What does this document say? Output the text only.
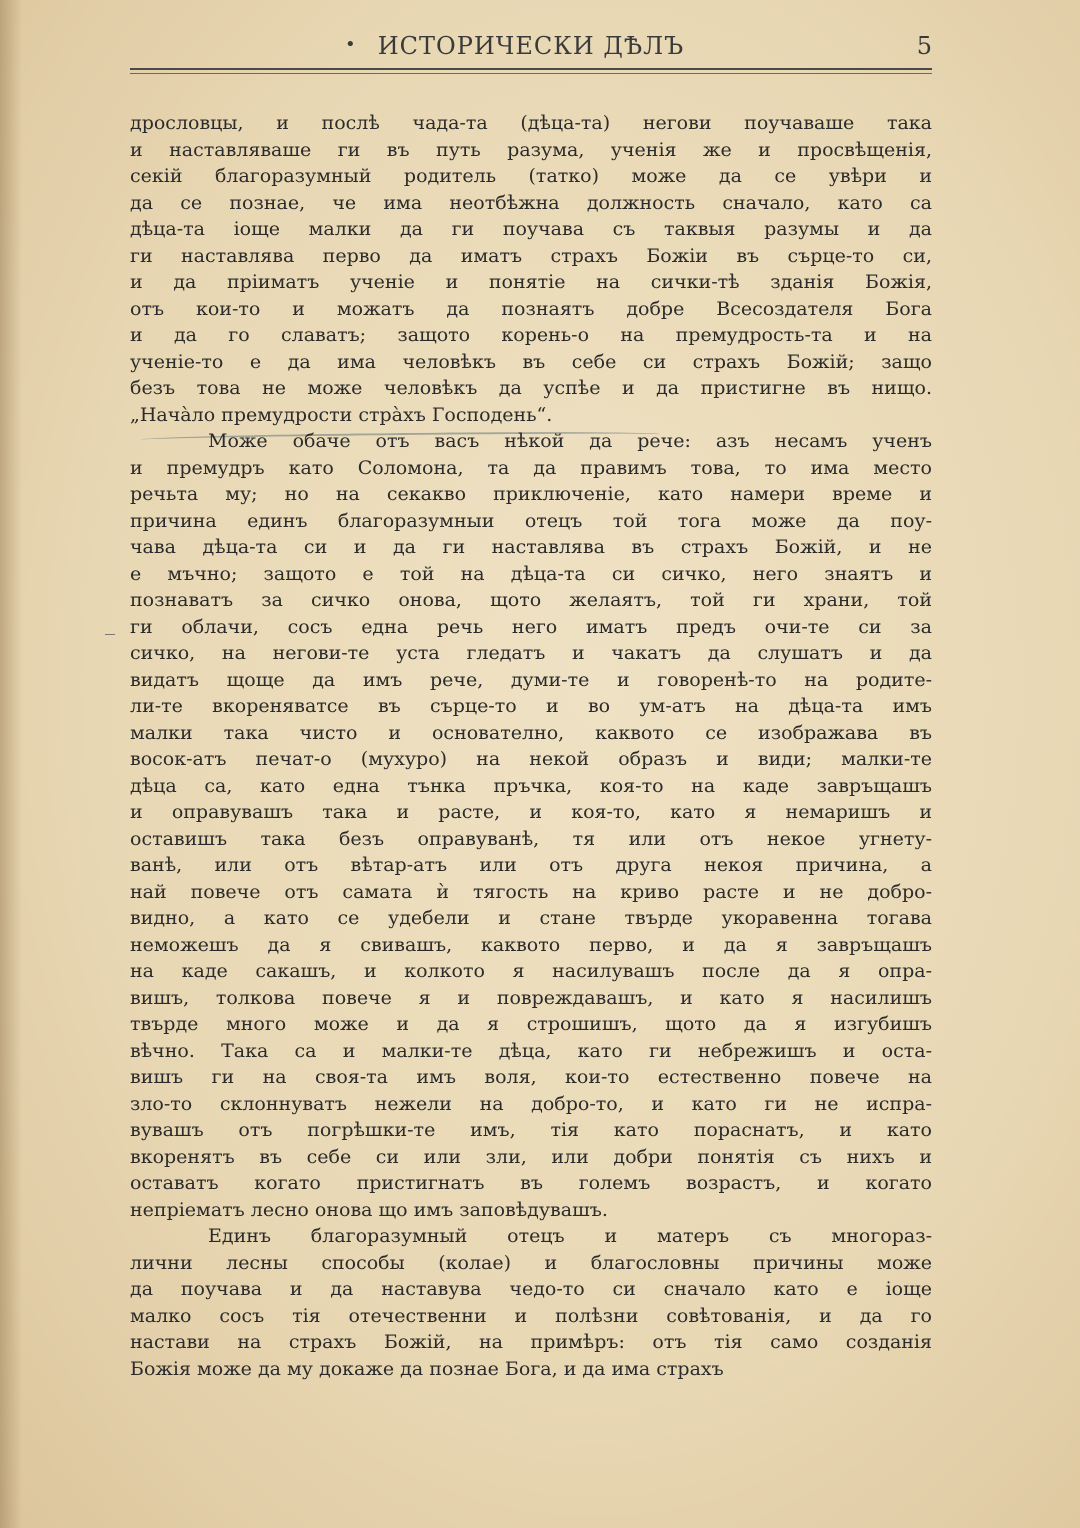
• ИСТОРИЧЕСКИ ДѢЛЪ	5
дрословцы, и послѣ чада-та (дѣца-та) негови поучаваше така
и наставляваше ги въ путь разума, ученія же и просвѣщенія,
секій благоразумный родитель (татко) може да се увѣри и
да се познае, че има неотбѣжна должность сначало, като са
дѣца-та іоще малки да ги поучава съ таквыя разумы и да
ги наставлява перво да иматъ страхъ Божіи въ сърце-то си,
и да пріиматъ ученіе и понятіе на сички-тѣ зданія Божія,
отъ кои-то и можатъ да познаятъ добре Всесоздателя Бога
и да го славатъ; защото корень-о на премудрость-та и на
ученіе-то е да има человѣкъ въ себе си страхъ Божій; защо
безъ това не може человѣкъ да успѣе и да пристигне въ нищо.
„Начàло премудрости стрàхъ Господень“.
Може обаче отъ васъ нѣкой да рече: азъ несамъ ученъ
и премудръ като Соломона, та да правимъ това, то има место
речьта му; но на секакво приключеніе, като намери време и
причина единъ благоразумныи отецъ той тога може да поу-
чава дѣца-та си и да ги наставлява въ страхъ Божій, и не
е мъчно; защото е той на дѣца-та си сичко, него знаятъ и
познаватъ за сичко онова, щото желаятъ, той ги храни, той
ги облачи, сосъ една речь него иматъ предъ очи-те си за
сичко, на негови-те уста гледатъ и чакатъ да слушатъ и да
видатъ щоще да имъ рече, думи-те и говоренѣ-то на родите-
ли-те вкореняватсе въ сърце-то и во ум-атъ на дѣца-та имъ
малки така чисто и основателно, каквото се изображава въ
восок-атъ печат-о (мухуро) на некой образъ и види; малки-те
дѣца са, като една тънка пръчка, коя-то на каде завръщашъ
и оправувашъ така и расте, и коя-то, като я немаришъ и
оставишъ така безъ оправуванѣ, тя или отъ некое угнету-
ванѣ, или отъ вѣтар-атъ или отъ друга некоя причина, а
най повече отъ самата ѝ тягость на криво расте и не добро-
видно, а като се удебели и стане твърде укоравенна тогава
неможешъ да я свивашъ, каквото перво, и да я завръщашъ
на каде сакашъ, и колкото я насилувашъ после да я опра-
вишъ, толкова повече я и повреждавашъ, и като я насилишъ
твърде много може и да я строшишъ, щото да я изгубишъ
вѣчно. Така са и малки-те дѣца, като ги небрежишъ и оста-
вишъ ги на своя-та имъ воля, кои-то естественно повече на
зло-то склоннуватъ нежели на добро-то, и като ги не испра-
вувашъ отъ погрѣшки-те имъ, тія като пораснатъ, и като
вкоренятъ въ себе си или зли, или добри понятія съ нихъ и
оставатъ когато пристигнатъ въ големъ возрастъ, и когато
непріематъ лесно онова що имъ заповѣдувашъ.
Единъ благоразумный отецъ и матеръ съ многораз-
лични лесны способы (колае) и благословны причины може
да поучава и да наставува чедо-то си сначало като е іоще
малко сосъ тія отечественни и полѣзни совѣтованія, и да го
настави на страхъ Божій, на примѣръ: отъ тія само созданія
Божія може да му докаже да познае Бога, и да има страхъ
